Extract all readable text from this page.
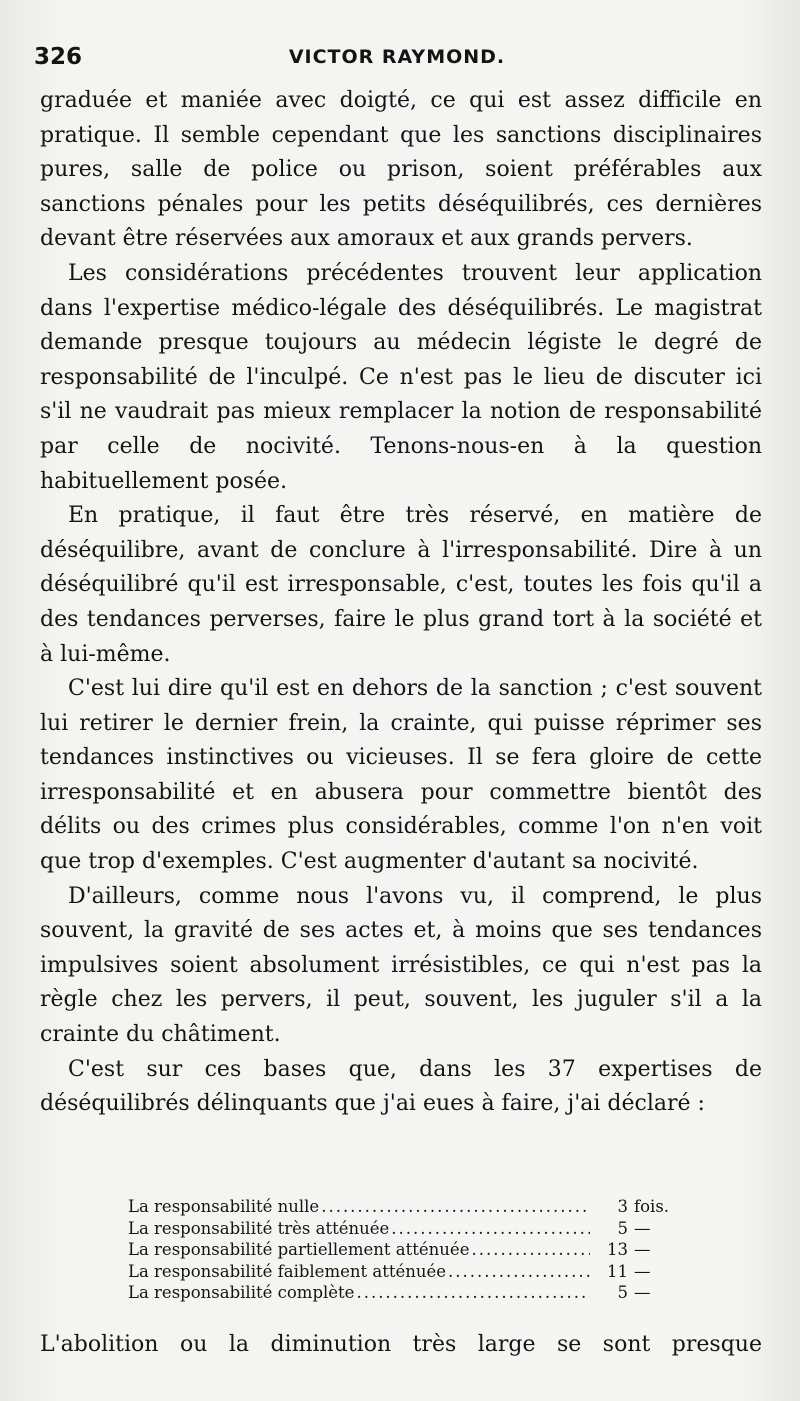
326	VICTOR RAYMOND.

graduée et maniée avec doigté, ce qui est assez difficile en pratique. Il semble cependant que les sanctions disciplinaires pures, salle de police ou prison, soient préférables aux sanctions pénales pour les petits déséquilibrés, ces dernières devant être réservées aux amoraux et aux grands pervers.

Les considérations précédentes trouvent leur application dans l'expertise médico-légale des déséquilibrés. Le magistrat demande presque toujours au médecin légiste le degré de responsabilité de l'inculpé. Ce n'est pas le lieu de discuter ici s'il ne vaudrait pas mieux remplacer la notion de responsabilité par celle de nocivité. Tenons-nous-en à la question habituellement posée.

En pratique, il faut être très réservé, en matière de déséquilibre, avant de conclure à l'irresponsabilité. Dire à un déséquilibré qu'il est irresponsable, c'est, toutes les fois qu'il a des tendances perverses, faire le plus grand tort à la société et à lui-même.

C'est lui dire qu'il est en dehors de la sanction ; c'est souvent lui retirer le dernier frein, la crainte, qui puisse réprimer ses tendances instinctives ou vicieuses. Il se fera gloire de cette irresponsabilité et en abusera pour commettre bientôt des délits ou des crimes plus considérables, comme l'on n'en voit que trop d'exemples. C'est augmenter d'autant sa nocivité.

D'ailleurs, comme nous l'avons vu, il comprend, le plus souvent, la gravité de ses actes et, à moins que ses tendances impulsives soient absolument irrésistibles, ce qui n'est pas la règle chez les pervers, il peut, souvent, les juguler s'il a la crainte du châtiment.

C'est sur ces bases que, dans les 37 expertises de déséquilibrés délinquants que j'ai eues à faire, j'ai déclaré :

La responsabilité nulle .....	3 fois.
La responsabilité très atténuée .....	5 —
La responsabilité partiellement atténuée .....	13 —
La responsabilité faiblement atténuée .....	11 —
La responsabilité complète .....	5 —
L'abolition ou la diminution très large se sont presque
